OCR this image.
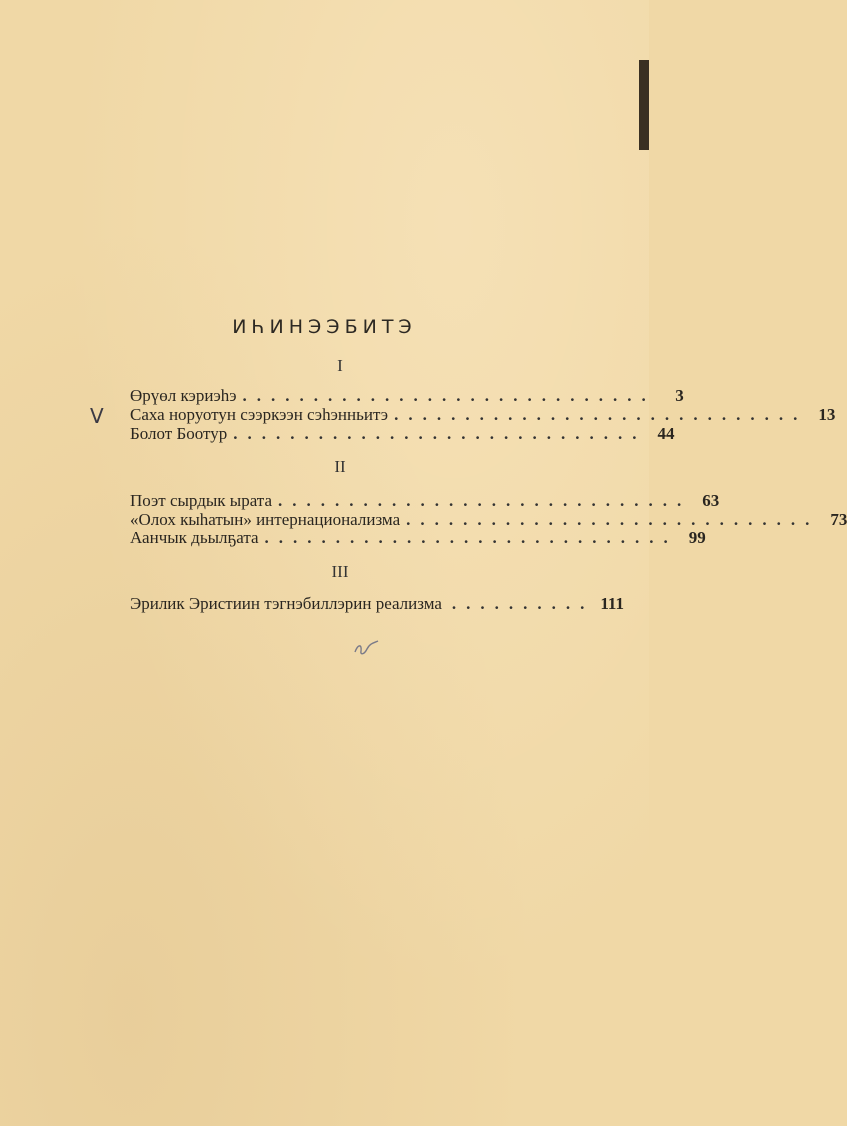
ИҺИНЭЭБИТЭ
I
Өрүөл кэриэһэ .............................	3
V Саха норуотун сээркээн сэһэнньитэ ............................. 13
Болот Боотур ............................. 44
II
Поэт сырдык ырата ............................. 63
«Олох кыһатын» интернационализма ............................. 73
Аанчык дьылҕата ............................. 99
III
Эрилик Эристиин тэгнэбиллэрин реализма .......... 111
